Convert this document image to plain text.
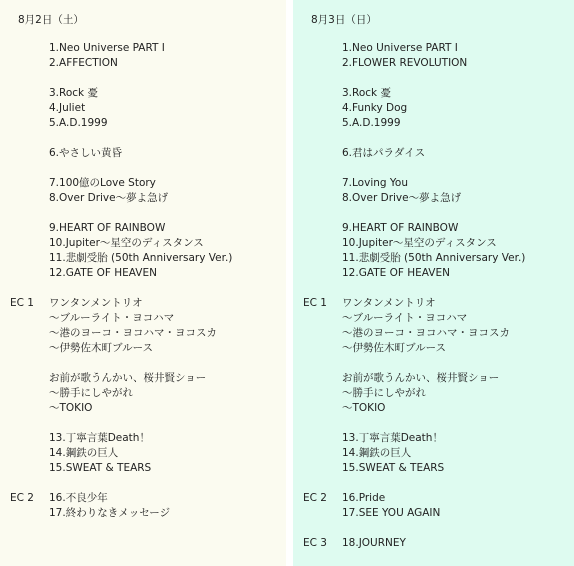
8月2日（土）
1.Neo Universe PART I
2.AFFECTION
3.Rock 憂
4.Juliet
5.A.D.1999
6.やさしい黄昏
7.100億のLove Story
8.Over Drive～夢よ急げ
9.HEART OF RAINBOW
10.Jupiter～星空のディスタンス
11.悲劇受胎 (50th Anniversary Ver.)
12.GATE OF HEAVEN
EC 1 ワンタンメントリオ
～ブルーライト・ヨコハマ
～港のヨーコ・ヨコハマ・ヨコスカ
～伊勢佐木町ブルース
お前が歌うんかい、桜井賢ショー
～勝手にしやがれ
～TOKIO
13.丁寧言葉Death！
14.鋼鉄の巨人
15.SWEAT & TEARS
EC 2 16.不良少年
17.終わりなきメッセージ
8月3日（日）
1.Neo Universe PART I
2.FLOWER REVOLUTION
3.Rock 憂
4.Funky Dog
5.A.D.1999
6.君はパラダイス
7.Loving You
8.Over Drive～夢よ急げ
9.HEART OF RAINBOW
10.Jupiter～星空のディスタンス
11.悲劇受胎 (50th Anniversary Ver.)
12.GATE OF HEAVEN
EC 1 ワンタンメントリオ
～ブルーライト・ヨコハマ
～港のヨーコ・ヨコハマ・ヨコスカ
～伊勢佐木町ブルース
お前が歌うんかい、桜井賢ショー
～勝手にしやがれ
～TOKIO
13.丁寧言葉Death！
14.鋼鉄の巨人
15.SWEAT & TEARS
EC 2 16.Pride
17.SEE YOU AGAIN
EC 3 18.JOURNEY
